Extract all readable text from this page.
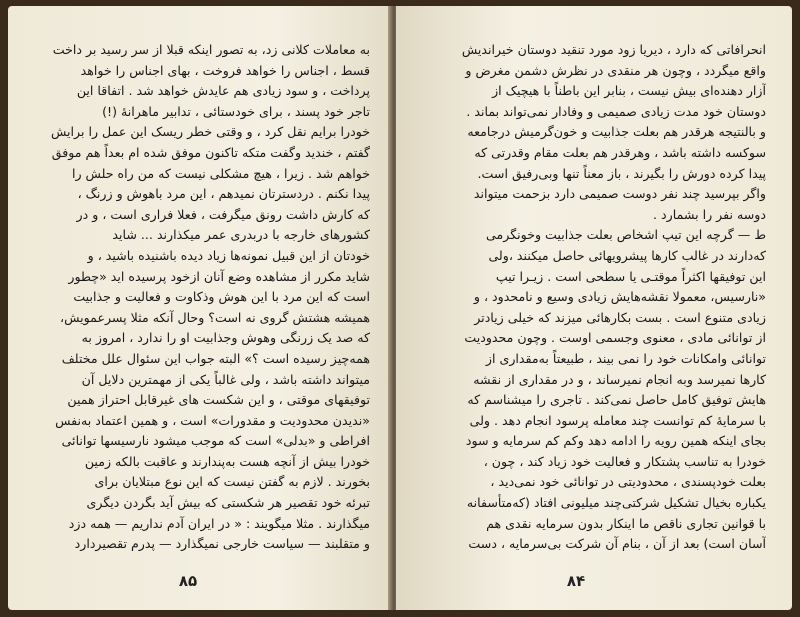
به معاملات کلانی زد، به تصور اینکه قبلا از سر رسید بر داخت
قسط ، اجناس را خواهد فروخت ، بهای اجناس را خواهد
پرداخت ، و سود زیادی هم عایدش خواهد شد . اتفاقا این
تاجر خود پسند ، برای خودستائی ، تدابیر ماهرانهٔ (!)
خودرا برایم نقل کرد ، و وقتی خطر ریسک این عمل را برایش
گفتم ، خندید وگفت متکه تاکنون موفق شده ام بعداً هم موفق
خواهم شد . زیرا ، هیچ مشکلی نیست که من راه حلش را
پیدا نکنم . دردسترتان نمیدهم ، این مرد باهوش و زرنگ ،
که کارش داشت رونق میگرفت ، فعلا فراری است ، و در
کشورهای خارجه با دربدری عمر میکذارند ... شاید
خودتان از این قبیل نمونه‌ها زیاد دیده باشنیده باشید ، و
شاید مکرر از مشاهده وضع آنان ازخود پرسیده اید «چطور
است که این مرد با این هوش وذکاوت و فعالیت و جذابیت
همیشه هشتش گروی نه است؟ وحال آنکه مثلا پسرعمویش،
که صد یک زرنگی وهوش وجذابیت او را ندارد ، امروز به
همه‌چیز رسیده است ؟» البته جواب این سئوال علل مختلف
میتواند داشته باشد ، ولی غالباً یکی از مهمترین دلایل آن
توفیقهای موقتی ، و این شکست های غیرقابل احتراز همین
«ندیدن محدودیت و مقدورات» است ، و همین اعتماد به‌نفس
افراطی و «بدلی» است که موجب میشود نارسیسها توانائی
خودرا بیش از آنچه هست به‌پندارند و عاقبت بالکه زمین
بخورند . لازم به گفتن نیست که این نوع مبتلایان برای
تبرئه خود تقصیر هر شکستی که بیش آید بگردن دیگری
میگذارند . مثلا میگویند : « در ایران آدم نداریم — همه دزد
و متقلبند — سیاست خارجی نمیگذارد — پدرم تقصیردارد
۸۵
انحرافاتی که دارد ، دیریا زود مورد تنقید دوستان خیراندیش
واقع میگردد ، وچون هر منقدی در نظرش دشمن مغرض و
آزار دهنده‌ای بیش نیست ، بنابر این باطناً با هیچیک از
دوستان خود مدت زیادی صمیمی و وفادار نمی‌تواند بماند .
و بالنتیجه هرقدر هم بعلت جذابیت و خون‌گرمیش درجامعه
سوکسه داشته باشد ، وهرقدر هم بعلت مقام وقدرتی که
پیدا کرده دورش را بگیرند ، باز معناً تنها وبی‌رفیق است.
واگر بپرسید چند نفر دوست صمیمی دارد بزحمت میتواند
دوسه نفر را بشمارد .
ط — گرچه این تیپ اشخاص بعلت جذابیت وخونگرمی
که‌دارند در غالب کارها پیشرویهائی حاصل میکنند ،ولی
این توفیقها اکثراً موقتـی یا سطحی است . زیـرا تیپ
«نارسیس، معمولا نقشه‌هایش زیادی وسیع و نامحدود ، و
زیادی متنوع است . بست بکارهائی میزند که خیلی زیادتر
از توانائی مادی ، معنوی وجسمی اوست . وچون محدودیت
توانائی وامکانات خود را نمی بیند ، طبیعتاً به‌مقداری از
کارها نمیرسد وبه انجام نمیرساند ، و در مقداری از نقشه‌
هایش توفیق کامل حاصل نمی‌کند . تاجری را میشناسم که
با سرمایهٔ کم توانست چند معامله پرسود انجام دهد . ولی
بجای اینکه همین رویه را ادامه دهد وکم کم سرمایه و سود
خودرا به تناسب پشتکار و فعالیت خود زیاد کند ، چون ،
بعلت خودپسندی ، محدودیتی در توانائی خود نمی‌دید ،
یکباره بخیال تشکیل شرکتی‌چند میلیونی افتاد (که‌متأسفانه
با قوانین تجاری ناقص ما اینکار بدون سرمایه نقدی هم
آسان است) بعد از آن ، بنام آن شرکت بی‌سرمایه ، دست
۸۴
